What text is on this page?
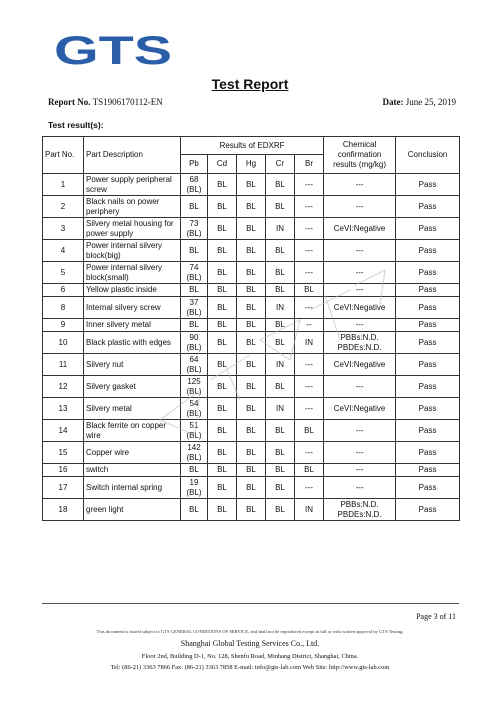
GTS
Test Report
Report No. TS1906170112-EN	Date: June 25, 2019
Test result(s):
Part No.	Part Description	Results of EDXRF					Chemical confirmation results (mg/kg)	Conclusion
		Pb	Cd	Hg	Cr	Br		
1	Power supply peripheral screw	68 (BL)	BL	BL	BL	---	---	Pass
2	Black nails on power periphery	BL	BL	BL	BL	---	---	Pass
3	Silvery metal housing for power supply	73 (BL)	BL	BL	IN	---	CeVI:Negative	Pass
4	Power internal silvery block(big)	BL	BL	BL	BL	---	---	Pass
5	Power internal silvery block(small)	74 (BL)	BL	BL	BL	---	---	Pass
6	Yellow plastic inside	BL	BL	BL	BL	BL	---	Pass
8	Internal silvery screw	37 (BL)	BL	BL	IN	---	CeVI:Negative	Pass
9	Inner silvery metal	BL	BL	BL	BL	--	---	Pass
10	Black plastic with edges	90 (BL)	BL	BL	BL	IN	PBBs:N.D. PBDEs:N.D.	Pass
11	Silvery nut	64 (BL)	BL	BL	IN	---	CeVI:Negative	Pass
12	Silvery gasket	125 (BL)	BL	BL	BL	---	---	Pass
13	Silvery metal	54 (BL)	BL	BL	IN	---	CeVI:Negative	Pass
14	Black ferrite on copper wire	51 (BL)	BL	BL	BL	BL	---	Pass
15	Copper wire	142 (BL)	BL	BL	BL	---	---	Pass
16	switch	BL	BL	BL	BL	BL	---	Pass
17	Switch internal spring	19 (BL)	BL	BL	BL	---	---	Pass
18	green light	BL	BL	BL	BL	IN	PBBs:N.D. PBDEs:N.D.	Pass
Page 3 of 11
This document is issued subject to GTS GENERAL CONDITIONS OF SERVICE, and shall not be reproduced except in full or with written approval by GTS Testing.
Shanghai Global Testing Services Co., Ltd.
Floor 2nd, Building D-1, No. 128, Shenfu Road, Minhang District, Shanghai, China.
Tel: (86-21) 3363 7866 Fax: (86-21) 3363 7858 E-mail: info@gts-lab.com Web Site: http://www.gts-lab.com
